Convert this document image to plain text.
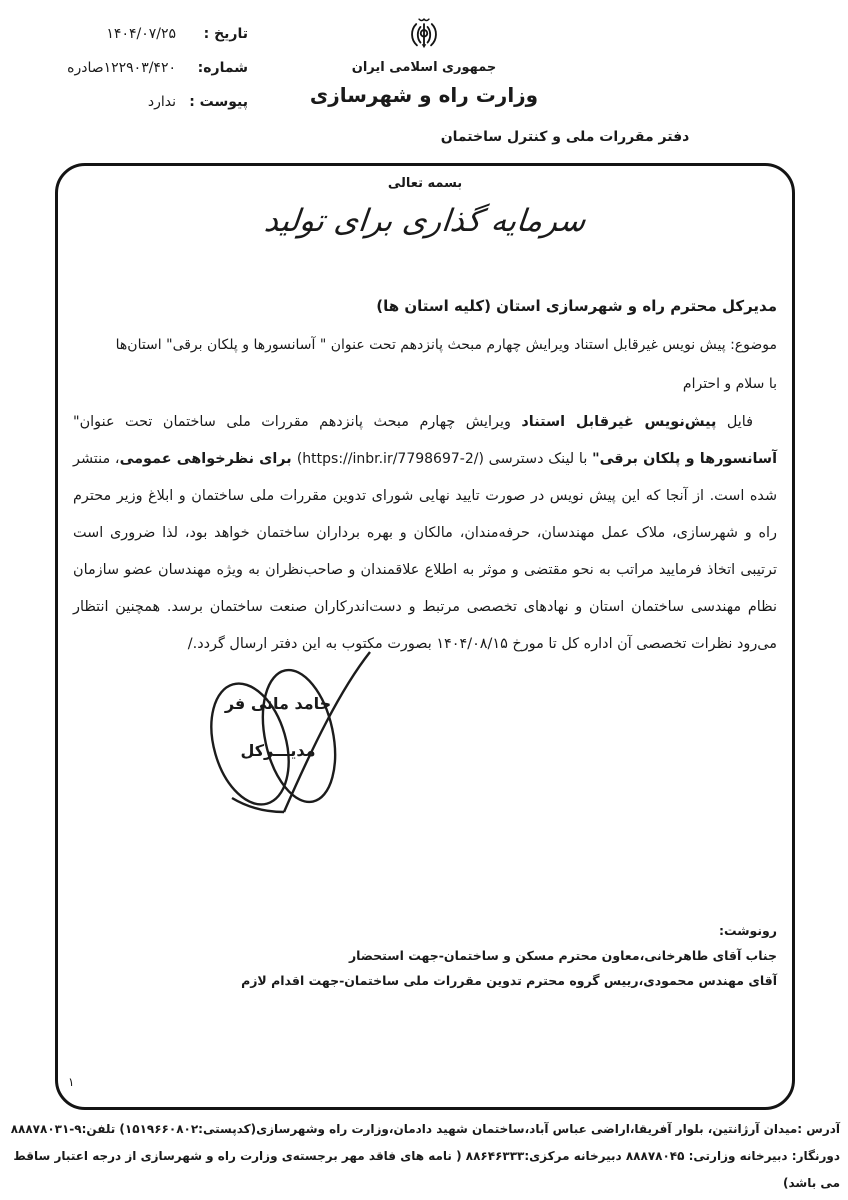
تاریخ :
۱۴۰۴/۰۷/۲۵
شماره:
۱۲۲۹۰۳/۴۲۰صادره
پیوست :
ندارد
جمهوری اسلامی ایران
وزارت راه و شهرسازی
دفتر مقررات ملی و کنترل ساختمان
بسمه تعالی
سرمایه گذاری برای تولید
مدیرکل محترم راه و شهرسازی استان (کلیه استان ها)
موضوع: پیش نویس غیرقابل استناد ویرایش چهارم مبحث پانزدهم تحت عنوان " آسانسورها و پلکان برقی" استان‌ها
با سلام و احترام

فایل پیش‌نویس غیرقابل استناد ویرایش چهارم مبحث پانزدهم مقررات ملی ساختمان تحت عنوان" آسانسورها و پلکان برقی" با لینک دسترسی (https://inbr.ir/7798697-2/) برای نظرخواهی عمومی، منتشر شده است. از آنجا که این پیش نویس در صورت تایید نهایی شورای تدوین مقررات ملی ساختمان و ابلاغ وزیر محترم راه و شهرسازی، ملاک عمل مهندسان، حرفه‌مندان، مالکان و بهره برداران ساختمان خواهد بود، لذا ضروری است ترتیبی اتخاذ فرمایید مراتب به نحو مقتضی و موثر به اطلاع علاقمندان و صاحب‌نظران به ویژه مهندسان عضو سازمان نظام مهندسی ساختمان استان و نهادهای تخصصی مرتبط و دست‌اندرکاران صنعت ساختمان برسد. همچنین انتظار می‌رود نظرات تخصصی آن اداره کل تا مورخ ۱۴۰۴/۰۸/۱۵ بصورت مکتوب به این دفتر ارسال گردد./

حامد مانی فر
مدیـــرکل
رونوشت:
جناب آقای طاهرخانی،معاون محترم مسکن و ساختمان-جهت استحضار
آقای مهندس محمودی،رییس گروه محترم تدوین مقررات ملی ساختمان-جهت اقدام لازم
۱
آدرس :میدان آرژانتین، بلوار آفریقا،اراضی عباس آباد،ساختمان شهید دادمان،وزارت راه وشهرسازی(کدپستی:۱۵۱۹۶۶۰۸۰۲) تلفن:۹-۸۸۸۷۸۰۳۱
دورنگار: دبیرخانه وزارتی: ۸۸۸۷۸۰۴۵ دبیرخانه مرکزی:۸۸۶۴۶۳۳۳ ( نامه های فاقد مهر برجسته‌ی وزارت راه و شهرسازی از درجه اعتبار ساقط می باشد)
